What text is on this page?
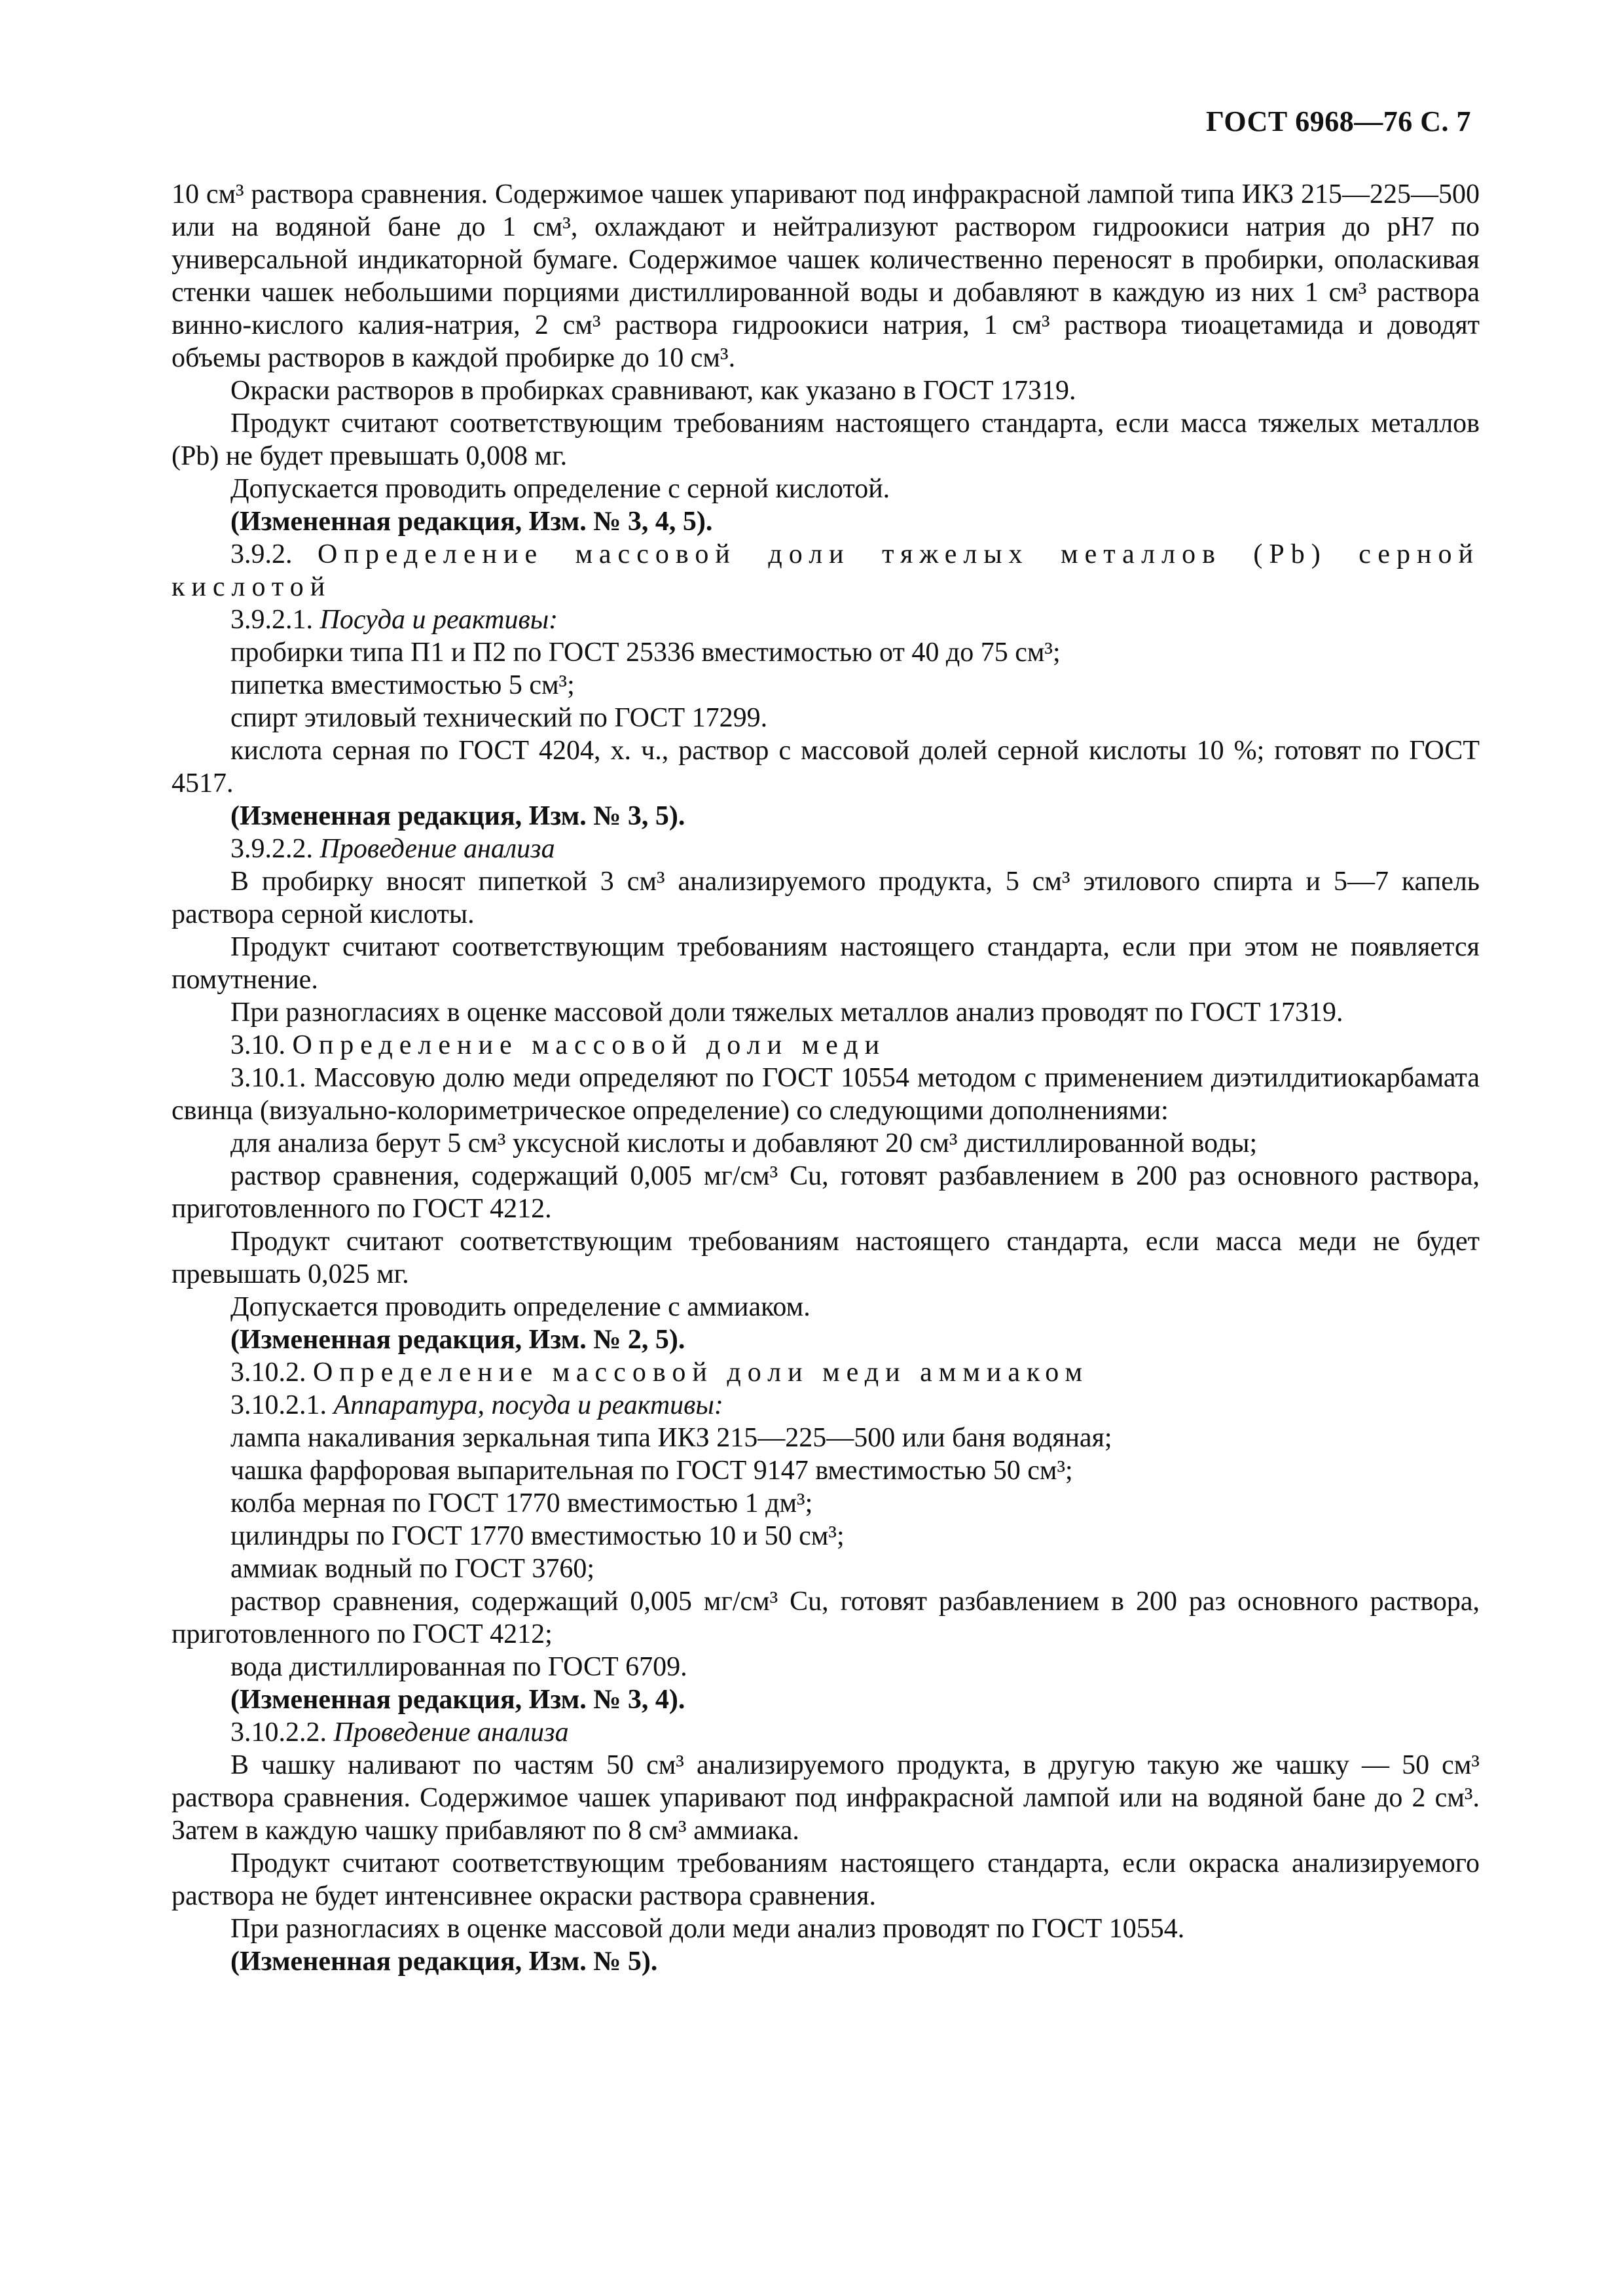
ГОСТ 6968—76 С. 7

10 см³ раствора сравнения. Содержимое чашек упаривают под инфракрасной лампой типа ИКЗ 215—225—500 или на водяной бане до 1 см³, охлаждают и нейтрализуют раствором гидроокиси натрия до рН7 по универсальной индикаторной бумаге. Содержимое чашек количественно переносят в пробирки, ополаскивая стенки чашек небольшими порциями дистиллированной воды и добавляют в каждую из них 1 см³ раствора винно-кислого калия-натрия, 2 см³ раствора гидроокиси натрия, 1 см³ раствора тиоацетамида и доводят объемы растворов в каждой пробирке до 10 см³.

Окраски растворов в пробирках сравнивают, как указано в ГОСТ 17319.

Продукт считают соответствующим требованиям настоящего стандарта, если масса тяжелых металлов (Pb) не будет превышать 0,008 мг.

Допускается проводить определение с серной кислотой.

(Измененная редакция, Изм. № 3, 4, 5).

3.9.2. Определение массовой доли тяжелых металлов (Pb) серной кислотой

3.9.2.1. Посуда и реактивы:

пробирки типа П1 и П2 по ГОСТ 25336 вместимостью от 40 до 75 см³;

пипетка вместимостью 5 см³;

спирт этиловый технический по ГОСТ 17299.

кислота серная по ГОСТ 4204, х. ч., раствор с массовой долей серной кислоты 10 %; готовят по ГОСТ 4517.

(Измененная редакция, Изм. № 3, 5).

3.9.2.2. Проведение анализа

В пробирку вносят пипеткой 3 см³ анализируемого продукта, 5 см³ этилового спирта и 5—7 капель раствора серной кислоты.

Продукт считают соответствующим требованиям настоящего стандарта, если при этом не появляется помутнение.

При разногласиях в оценке массовой доли тяжелых металлов анализ проводят по ГОСТ 17319.

3.10. Определение массовой доли меди

3.10.1. Массовую долю меди определяют по ГОСТ 10554 методом с применением диэтилдитиокарбамата свинца (визуально-колориметрическое определение) со следующими дополнениями:

для анализа берут 5 см³ уксусной кислоты и добавляют 20 см³ дистиллированной воды;

раствор сравнения, содержащий 0,005 мг/см³ Cu, готовят разбавлением в 200 раз основного раствора, приготовленного по ГОСТ 4212.

Продукт считают соответствующим требованиям настоящего стандарта, если масса меди не будет превышать 0,025 мг.

Допускается проводить определение с аммиаком.

(Измененная редакция, Изм. № 2, 5).

3.10.2. Определение массовой доли меди аммиаком

3.10.2.1. Аппаратура, посуда и реактивы:

лампа накаливания зеркальная типа ИКЗ 215—225—500 или баня водяная;

чашка фарфоровая выпарительная по ГОСТ 9147 вместимостью 50 см³;

колба мерная по ГОСТ 1770 вместимостью 1 дм³;

цилиндры по ГОСТ 1770 вместимостью 10 и 50 см³;

аммиак водный по ГОСТ 3760;

раствор сравнения, содержащий 0,005 мг/см³ Cu, готовят разбавлением в 200 раз основного раствора, приготовленного по ГОСТ 4212;

вода дистиллированная по ГОСТ 6709.

(Измененная редакция, Изм. № 3, 4).

3.10.2.2. Проведение анализа

В чашку наливают по частям 50 см³ анализируемого продукта, в другую такую же чашку — 50 см³ раствора сравнения. Содержимое чашек упаривают под инфракрасной лампой или на водяной бане до 2 см³. Затем в каждую чашку прибавляют по 8 см³ аммиака.

Продукт считают соответствующим требованиям настоящего стандарта, если окраска анализируемого раствора не будет интенсивнее окраски раствора сравнения.

При разногласиях в оценке массовой доли меди анализ проводят по ГОСТ 10554.

(Измененная редакция, Изм. № 5).
